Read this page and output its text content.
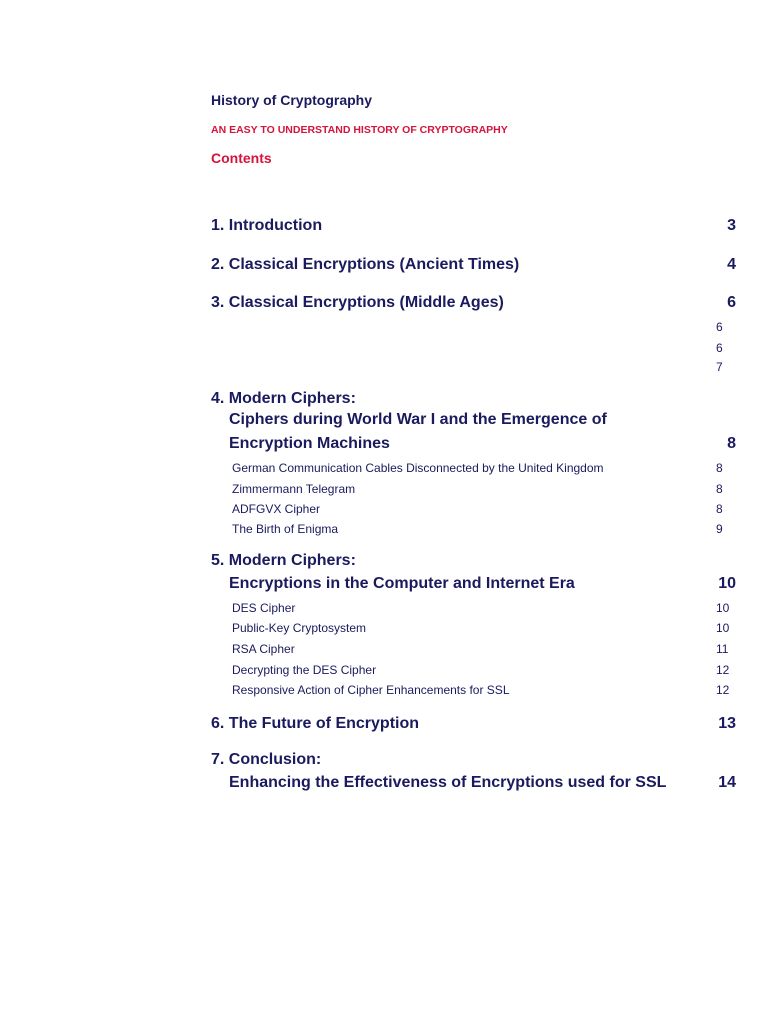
History of Cryptography
AN EASY TO UNDERSTAND HISTORY OF CRYPTOGRAPHY
Contents
1. Introduction	3
2. Classical Encryptions (Ancient Times)	4
3. Classical Encryptions (Middle Ages)	6
6
6
7
4. Modern Ciphers:
Ciphers during World War I and the Emergence of
Encryption Machines	8
German Communication Cables Disconnected by the United Kingdom	8
Zimmermann Telegram	8
ADFGVX Cipher	8
The Birth of Enigma	9
5. Modern Ciphers:
Encryptions in the Computer and Internet Era	10
DES Cipher	10
Public-Key Cryptosystem	10
RSA Cipher	11
Decrypting the DES Cipher	12
Responsive Action of Cipher Enhancements for SSL	12
6. The Future of Encryption	13
7. Conclusion:
Enhancing the Effectiveness of Encryptions used for SSL	14
